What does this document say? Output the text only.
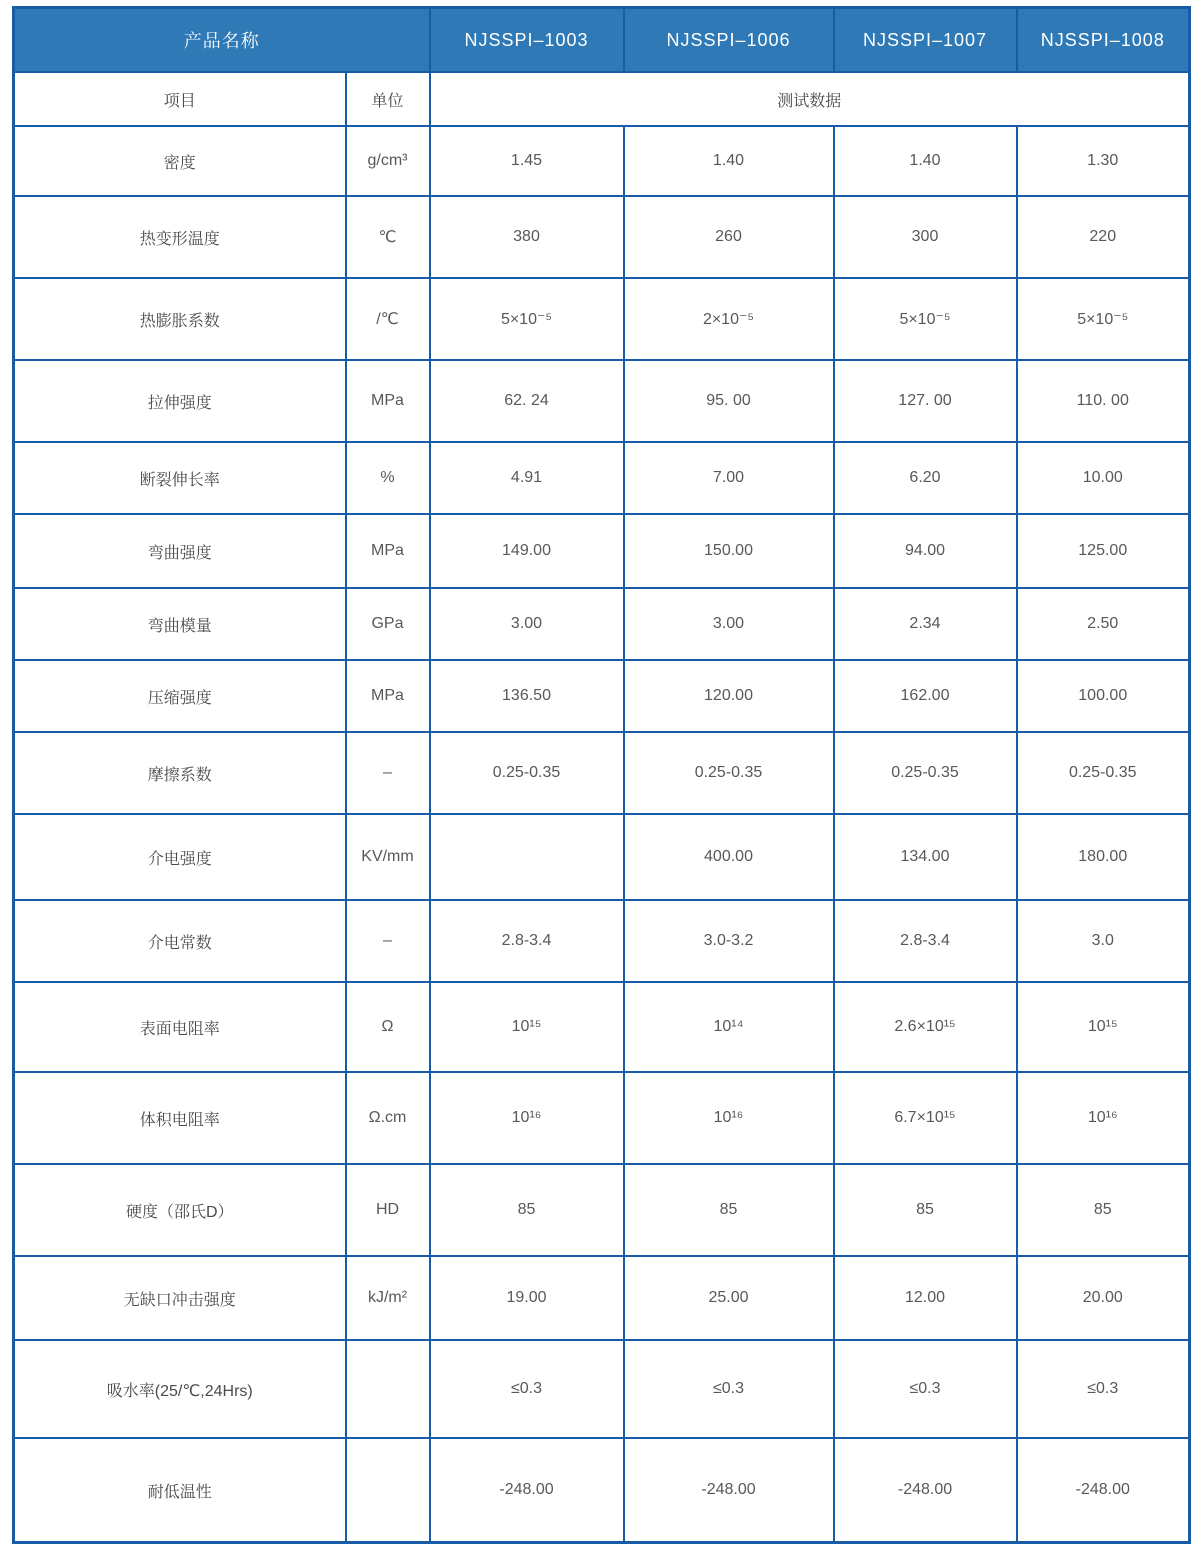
产品名称		NJSSPI–1003	NJSSPI–1006	NJSSPI–1007	NJSSPI–1008
项目	单位	测试数据			
密度	g/cm³	1.45	1.40	1.40	1.30
热变形温度	℃	380	260	300	220
热膨胀系数	/℃	5×10⁻⁵	2×10⁻⁵	5×10⁻⁵	5×10⁻⁵
拉伸强度	MPa	62. 24	95. 00	127. 00	110. 00
断裂伸长率	%	4.91	7.00	6.20	10.00
弯曲强度	MPa	149.00	150.00	94.00	125.00
弯曲模量	GPa	3.00	3.00	2.34	2.50
压缩强度	MPa	136.50	120.00	162.00	100.00
摩擦系数	–	0.25-0.35	0.25-0.35	0.25-0.35	0.25-0.35
介电强度	KV/mm		400.00	134.00	180.00
介电常数	–	2.8-3.4	3.0-3.2	2.8-3.4	3.0
表面电阻率	Ω	10¹⁵	10¹⁴	2.6×10¹⁵	10¹⁵
体积电阻率	Ω.cm	10¹⁶	10¹⁶	6.7×10¹⁵	10¹⁶
硬度（邵氏D）	HD	85	85	85	85
无缺口冲击强度	kJ/m²	19.00	25.00	12.00	20.00
吸水率(25/℃,24Hrs)		≤0.3	≤0.3	≤0.3	≤0.3
耐低温性		-248.00	-248.00	-248.00	-248.00
